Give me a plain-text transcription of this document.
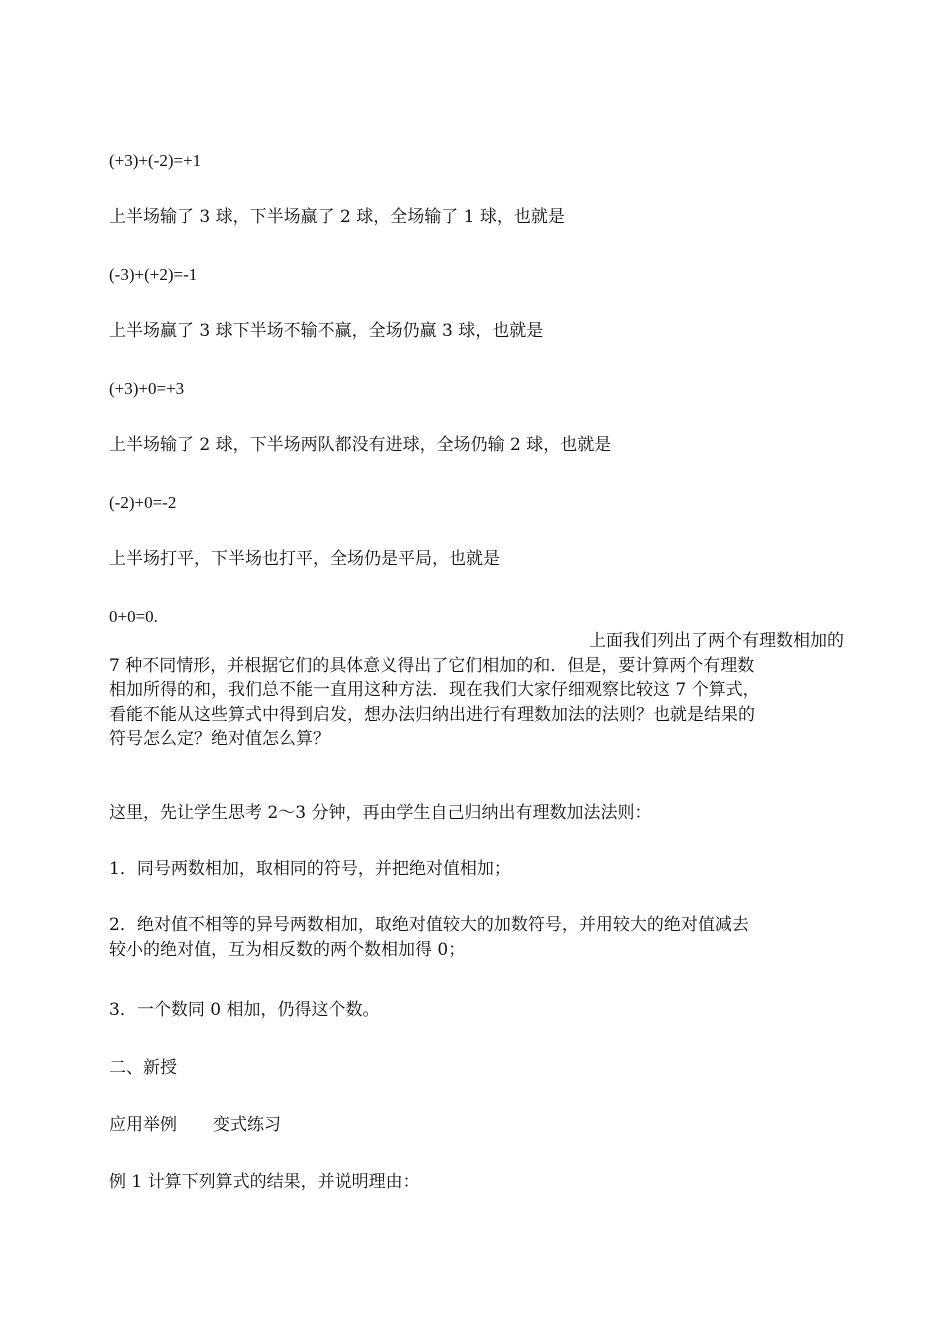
(+3)+(-2)=+1
上半场输了 3 球，下半场赢了 2 球，全场输了 1 球，也就是
(-3)+(+2)=-1
上半场赢了 3 球下半场不输不赢，全场仍赢 3 球，也就是
(+3)+0=+3
上半场输了 2 球，下半场两队都没有进球，全场仍输 2 球，也就是
(-2)+0=-2
上半场打平，下半场也打平，全场仍是平局，也就是
0+0=0.

上面我们列出了两个有理数相加的

7 种不同情形，并根据它们的具体意义得出了它们相加的和．但是，要计算两个有理数

相加所得的和，我们总不能一直用这种方法．现在我们大家仔细观察比较这 7 个算式，

看能不能从这些算式中得到启发，想办法归纳出进行有理数加法的法则？也就是结果的

符号怎么定？绝对值怎么算？

这里，先让学生思考 2～3 分钟，再由学生自己归纳出有理数加法法则：
1．同号两数相加，取相同的符号，并把绝对值相加；

2．绝对值不相等的异号两数相加，取绝对值较大的加数符号，并用较大的绝对值减去

较小的绝对值，互为相反数的两个数相加得 0；

3．一个数同 0 相加，仍得这个数。
二、新授
应用举例 变式练习
例 1 计算下列算式的结果，并说明理由：
